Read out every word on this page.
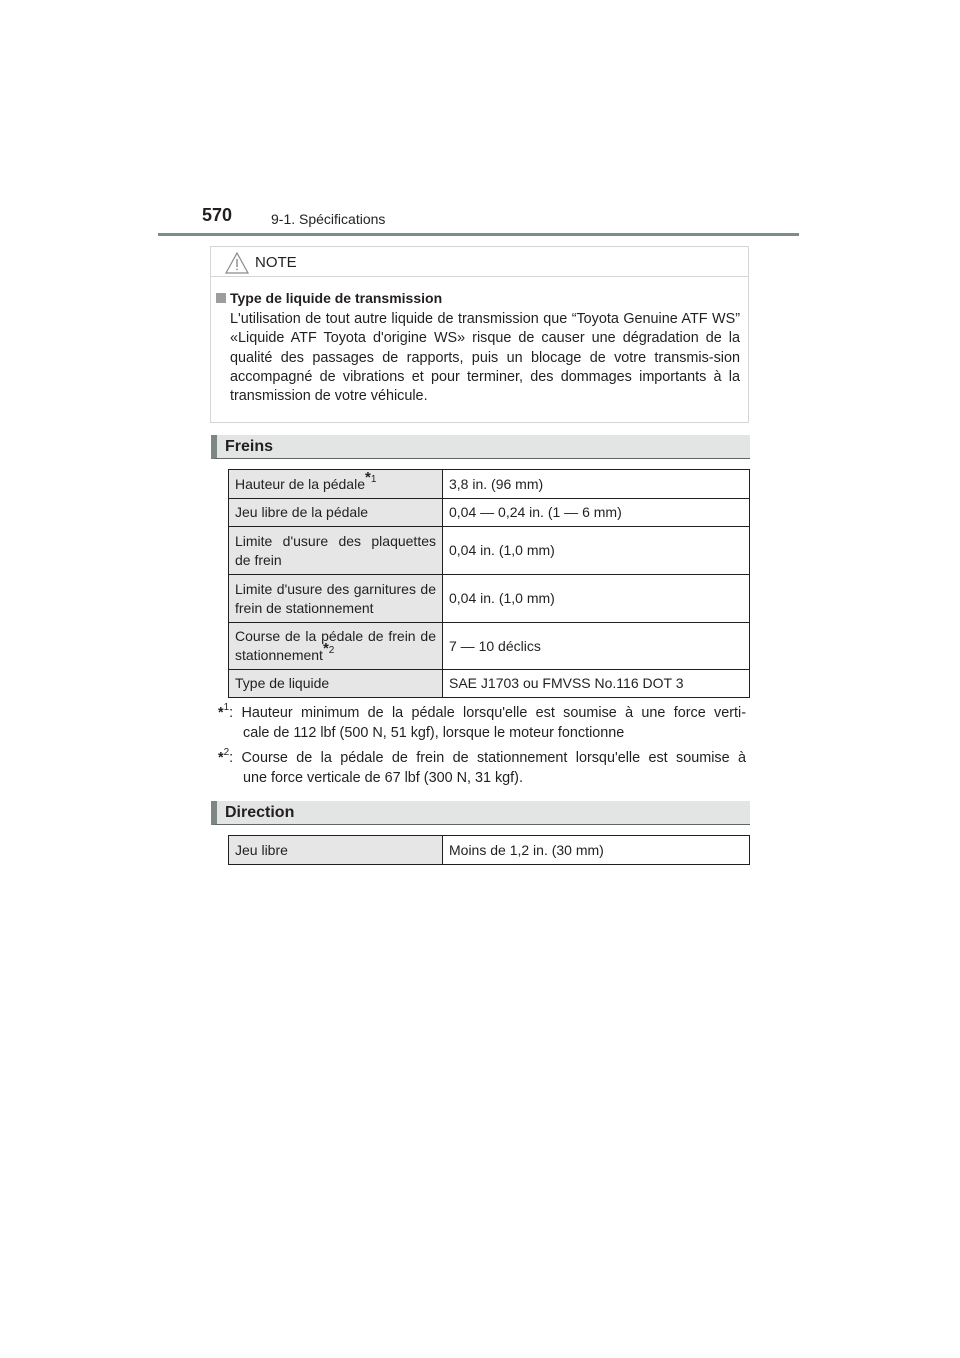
570	9-1. Spécifications
NOTE
Type de liquide de transmission
L'utilisation de tout autre liquide de transmission que “Toyota Genuine ATF WS” «Liquide ATF Toyota d'origine WS» risque de causer une dégradation de la qualité des passages de rapports, puis un blocage de votre transmis-sion accompagné de vibrations et pour terminer, des dommages importants à la transmission de votre véhicule.
Freins
Hauteur de la pédale$^{*1}$	3,8 in. (96 mm)
Jeu libre de la pédale	0,04 — 0,24 in. (1 — 6 mm)
Limite d'usure des plaquettes de frein	0,04 in. (1,0 mm)
Limite d'usure des garnitures de frein de stationnement	0,04 in. (1,0 mm)
Course de la pédale de frein de stationnement$^{*2}$	7 — 10 déclics
Type de liquide	SAE J1703 ou FMVSS No.116 DOT 3
*$^1$: Hauteur minimum de la pédale lorsqu'elle est soumise à une force verti-
cale de 112 lbf (500 N, 51 kgf), lorsque le moteur fonctionne
*$^2$: Course de la pédale de frein de stationnement lorsqu'elle est soumise à
une force verticale de 67 lbf (300 N, 31 kgf).
Direction
Jeu libre	Moins de 1,2 in. (30 mm)
